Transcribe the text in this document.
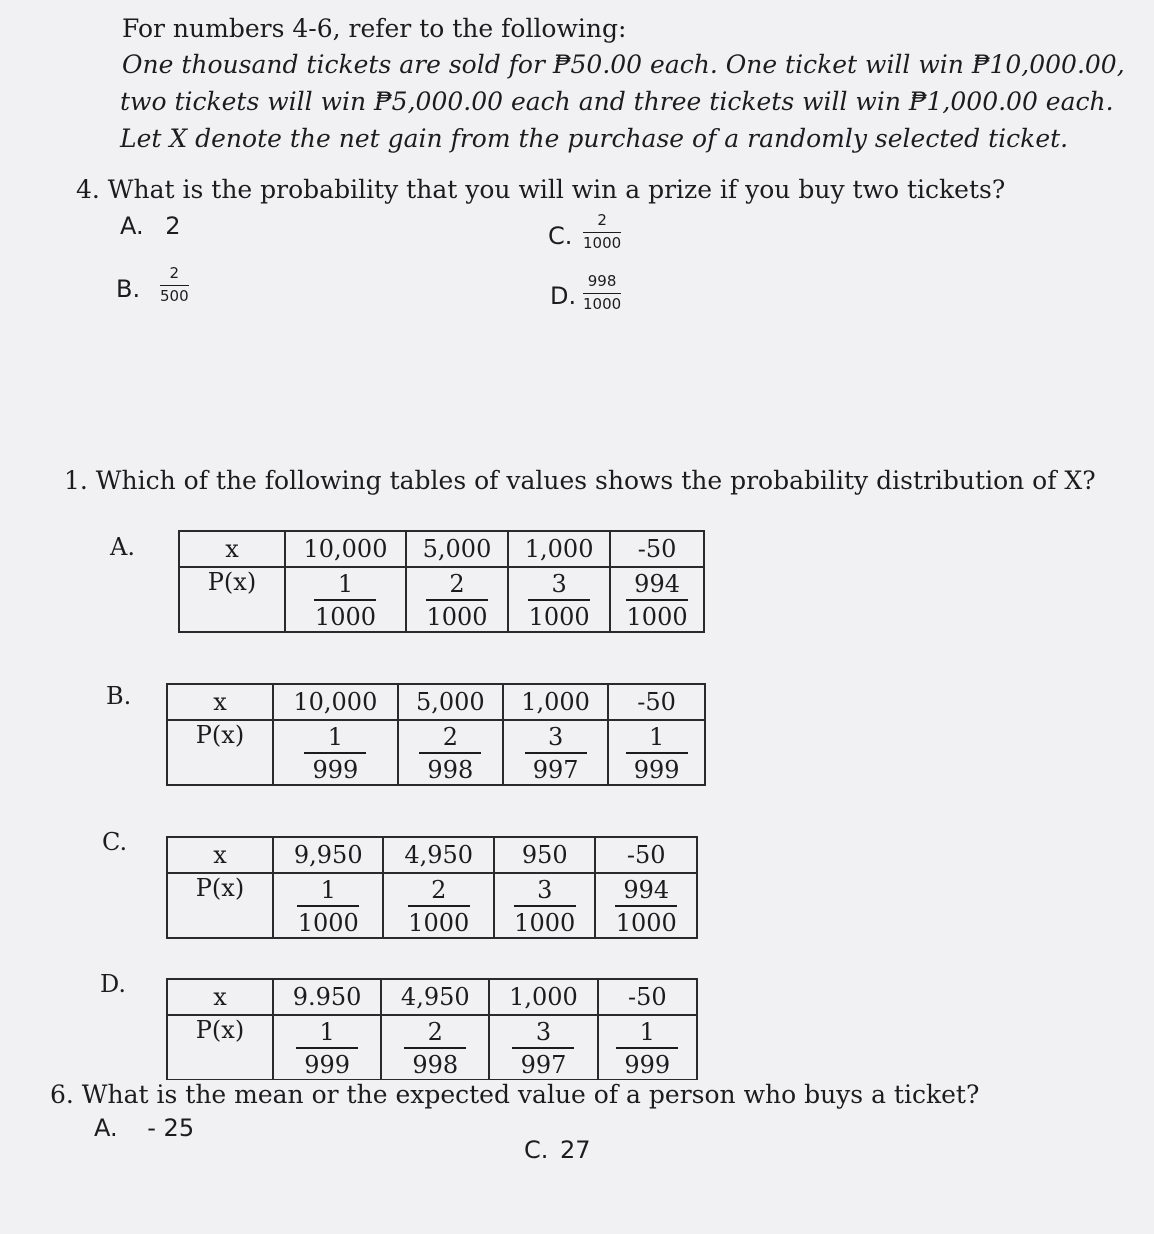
For numbers 4-6, refer to the following:
One thousand tickets are sold for ₱50.00 each. One ticket will win ₱10,000.00,
two tickets will win ₱5,000.00 each and three tickets will win ₱1,000.00 each.
Let X denote the net gain from the purchase of a randomly selected ticket.
4. What is the probability that you will win a prize if you buy two tickets?
A. 2	C.
2
1000
B.
2
500	D.
998
1000
1. Which of the following tables of values shows the probability distribution of X?
A.	x	10,000	5,000	1,000	-50
P(x)	$\frac{1}{1000}$	$\frac{2}{1000}$	$\frac{3}{1000}$	$\frac{994}{1000}$
B.	x	10,000	5,000	1,000	-50
P(x)	$\frac{1}{999}$	$\frac{2}{998}$	$\frac{3}{997}$	$\frac{1}{999}$
C.	x	9,950	4,950	950	-50
P(x)	$\frac{1}{1000}$	$\frac{2}{1000}$	$\frac{3}{1000}$	$\frac{994}{1000}$
D.	x	9.950	4,950	1,000	-50
P(x)	$\frac{1}{999}$	$\frac{2}{998}$	$\frac{3}{997}$	$\frac{1}{999}$
6. What is the mean or the expected value of a person who buys a ticket?
A. - 25
C. 27
